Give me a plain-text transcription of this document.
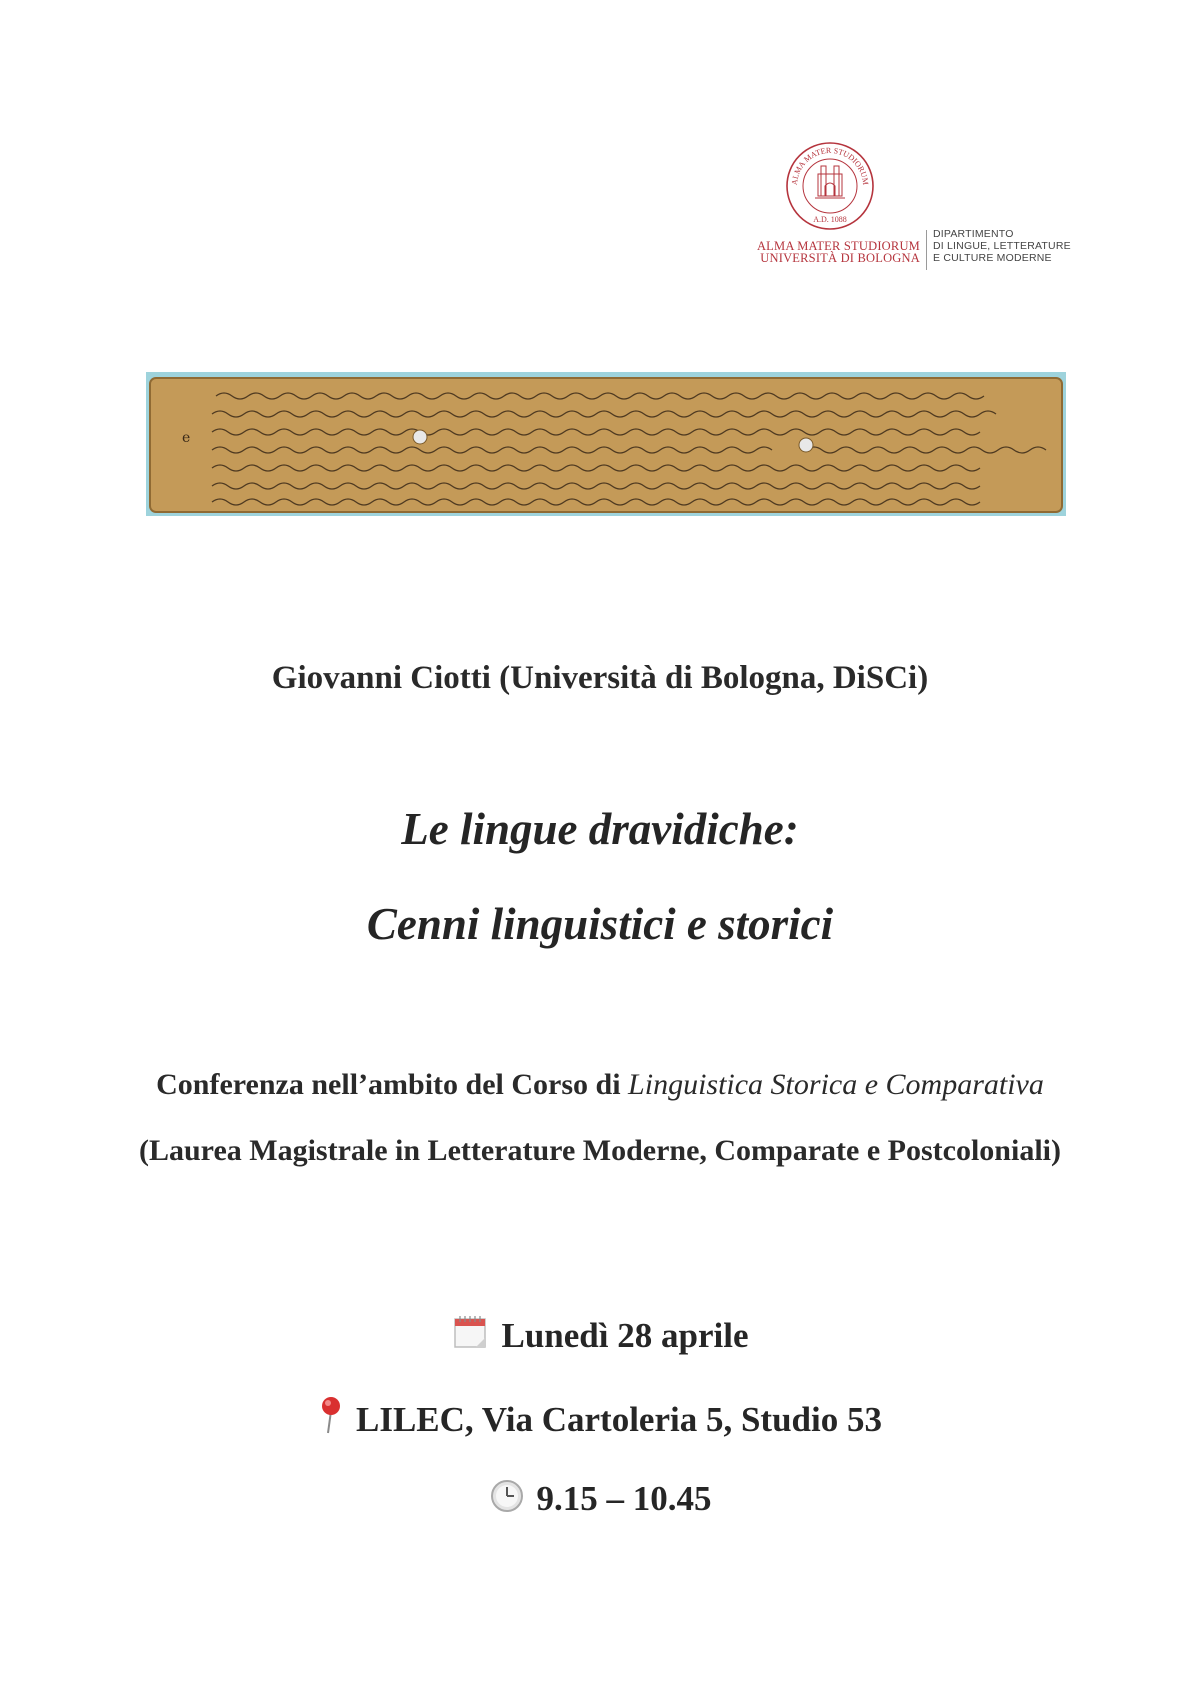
ALMA MATER STUDIORUM
A.D. 1088
ALMA MATER STUDIORUM
UNIVERSITÀ DI BOLOGNA
DIPARTIMENTO
DI LINGUE, LETTERATURE
E CULTURE MODERNE
e
Giovanni Ciotti (Università di Bologna, DiSCi)
Le lingue dravidiche:
Cenni linguistici e storici
Conferenza nell’ambito del Corso di Linguistica Storica e Comparativa (Laurea Magistrale in Letterature Moderne, Comparate e Postcoloniali)
Lunedì 28 aprile
LILEC, Via Cartoleria 5, Studio 53
9.15 – 10.45
